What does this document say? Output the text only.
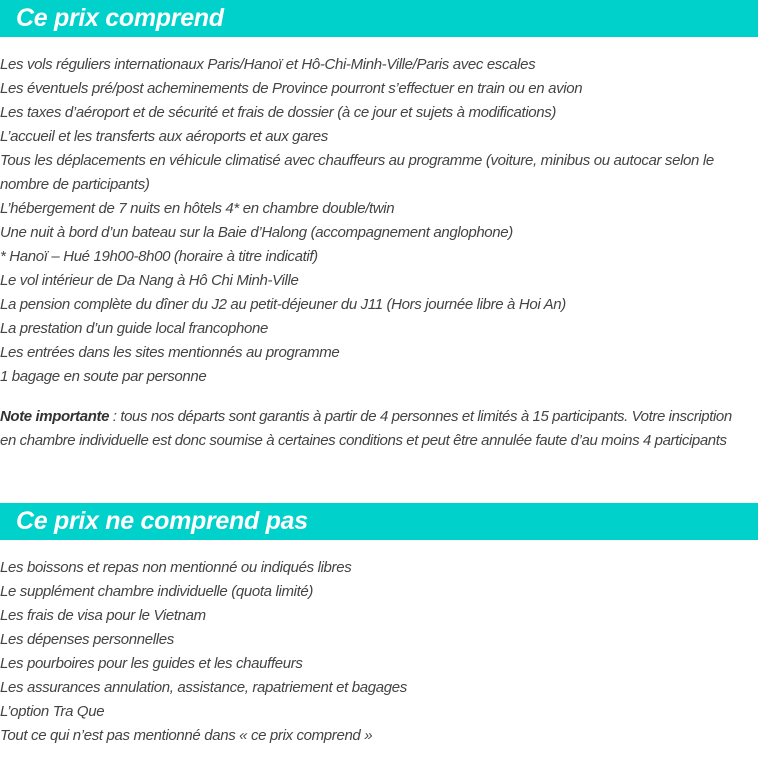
Ce prix comprend
Les vols réguliers internationaux Paris/Hanoï et Hô-Chi-Minh-Ville/Paris avec escales
Les éventuels pré/post acheminements de Province pourront s’effectuer en train ou en avion
Les taxes d’aéroport et de sécurité et frais de dossier (à ce jour et sujets à modifications)
L’accueil et les transferts aux aéroports et aux gares
Tous les déplacements en véhicule climatisé avec chauffeurs au programme (voiture, minibus ou autocar selon le nombre de participants)
L’hébergement de 7 nuits en hôtels 4* en chambre double/twin
Une nuit à bord d’un bateau sur la Baie d’Halong (accompagnement anglophone)
* Hanoï – Hué 19h00-8h00 (horaire à titre indicatif)
Le vol intérieur de Da Nang à Hô Chi Minh-Ville
La pension complète du dîner du J2 au petit-déjeuner du J11 (Hors journée libre à Hoi An)
La prestation d’un guide local francophone
Les entrées dans les sites mentionnés au programme
1 bagage en soute par personne

Note importante : tous nos départs sont garantis à partir de 4 personnes et limités à 15 participants. Votre inscription en chambre individuelle est donc soumise à certaines conditions et peut être annulée faute d’au moins 4 participants

Ce prix ne comprend pas
Les boissons et repas non mentionné ou indiqués libres
Le supplément chambre individuelle (quota limité)
Les frais de visa pour le Vietnam
Les dépenses personnelles
Les pourboires pour les guides et les chauffeurs
Les assurances annulation, assistance, rapatriement et bagages
L’option Tra Que
Tout ce qui n’est pas mentionné dans « ce prix comprend »
